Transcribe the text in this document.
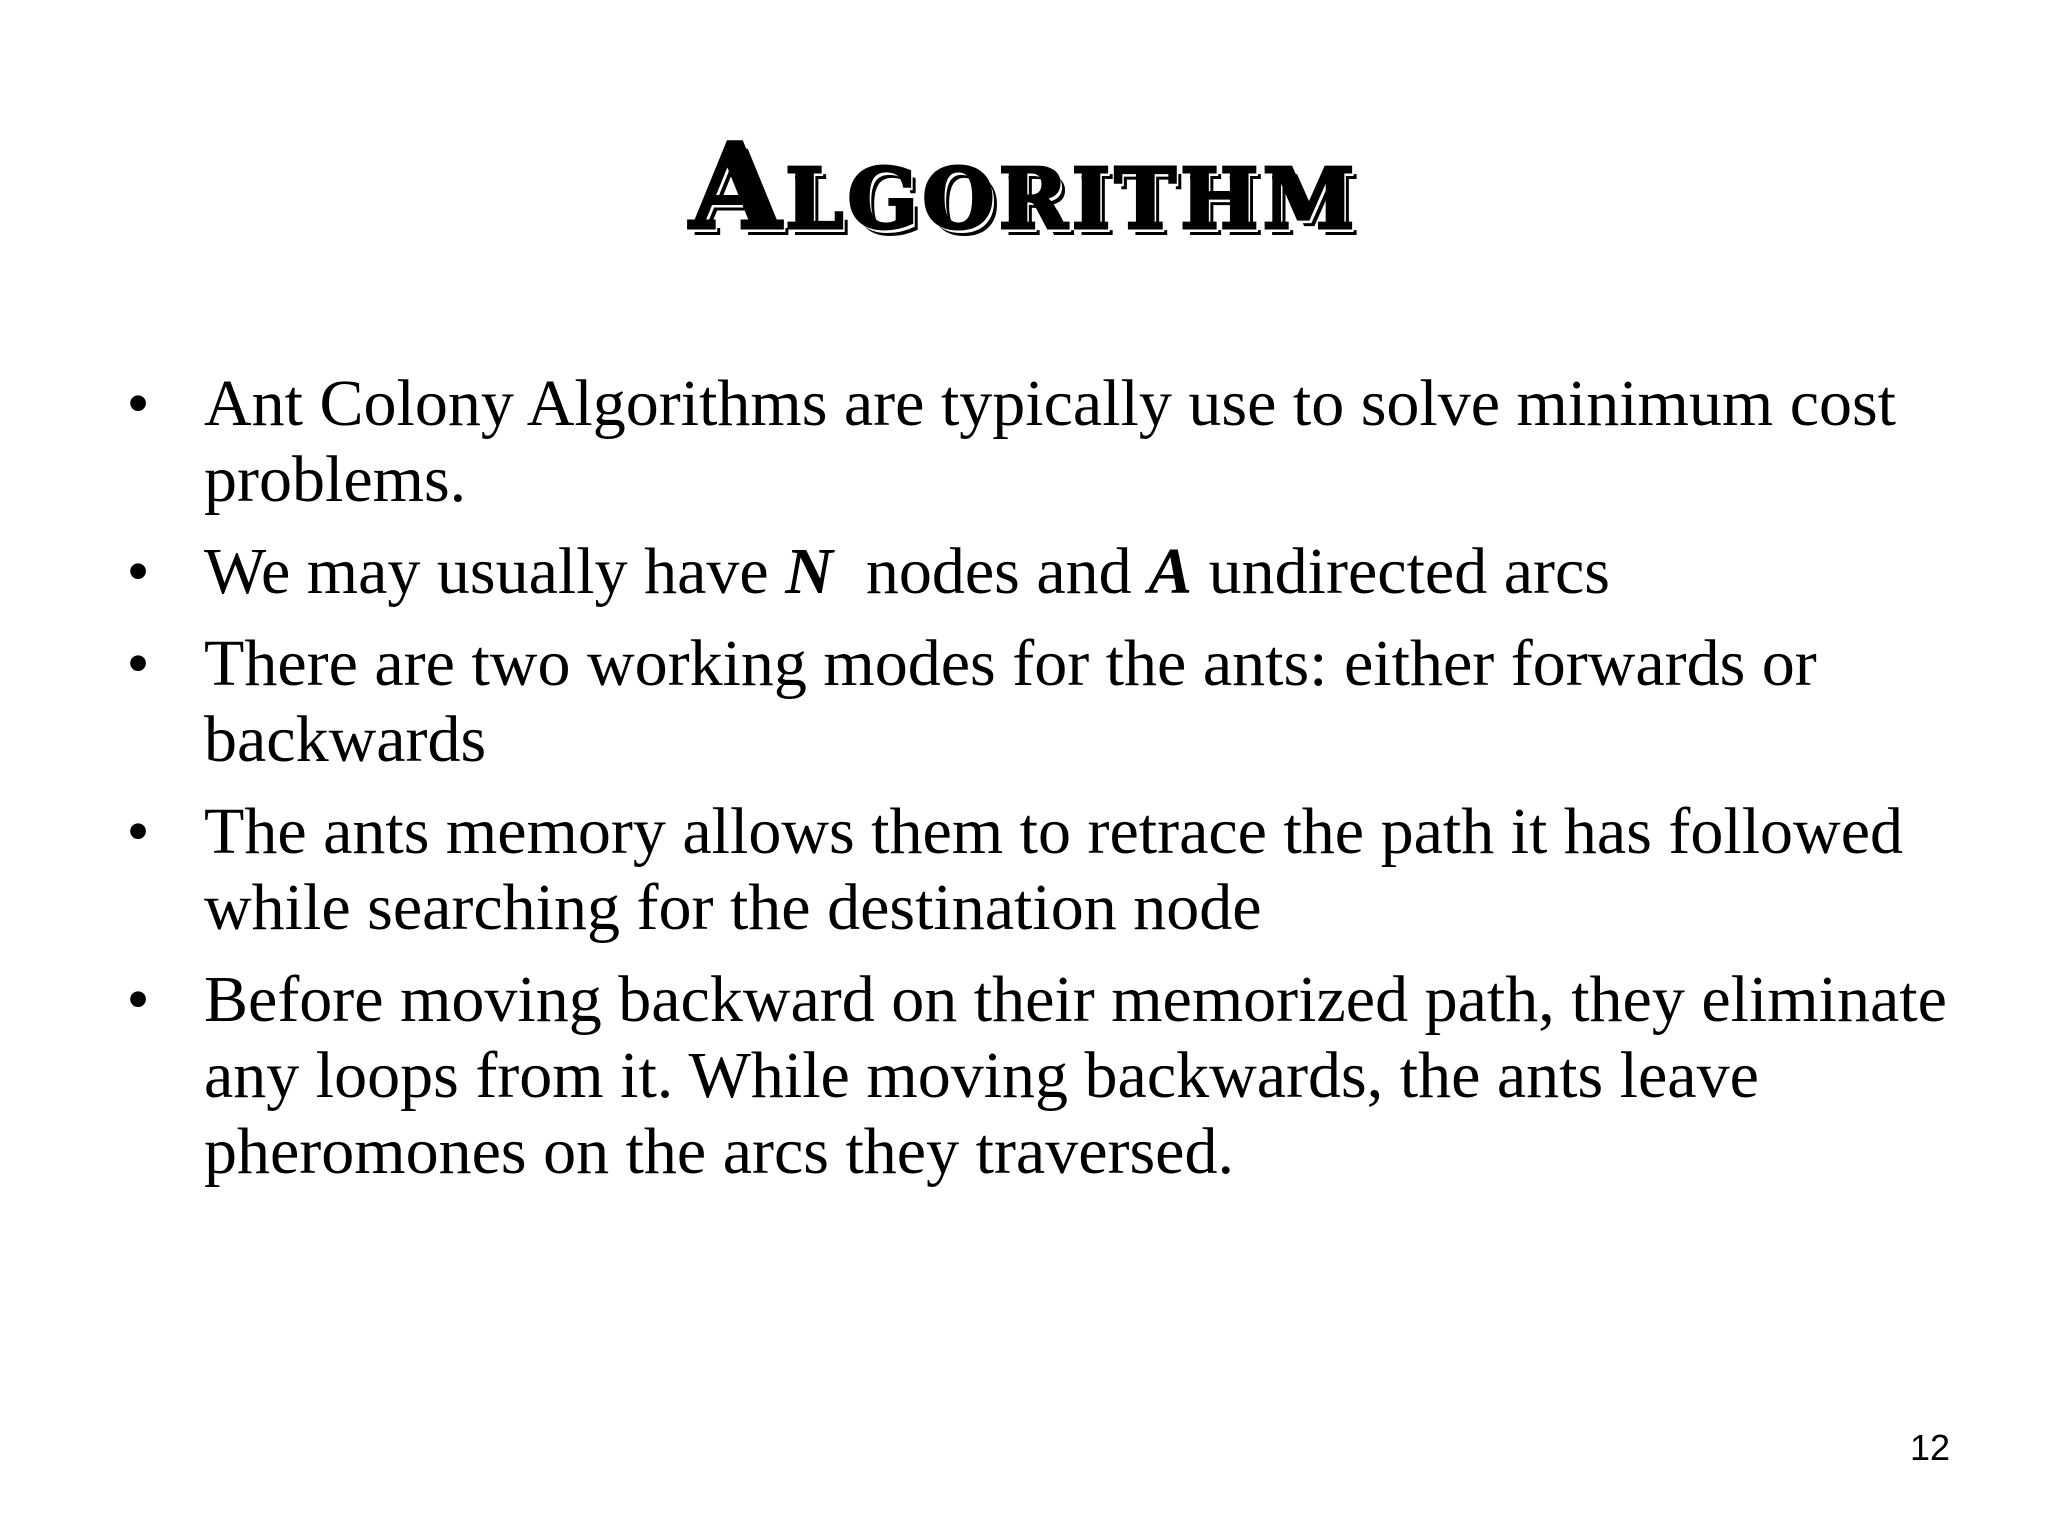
Algorithm
• Ant Colony Algorithms are typically use to solve minimum cost problems.
• We may usually have N  nodes and A undirected arcs
• There are two working modes for the ants: either forwards or backwards
• The ants memory allows them to retrace the path it has followed while searching for the destination node
• Before moving backward on their memorized path, they eliminate any loops from it. While moving backwards, the ants leave pheromones on the arcs they traversed.
12
